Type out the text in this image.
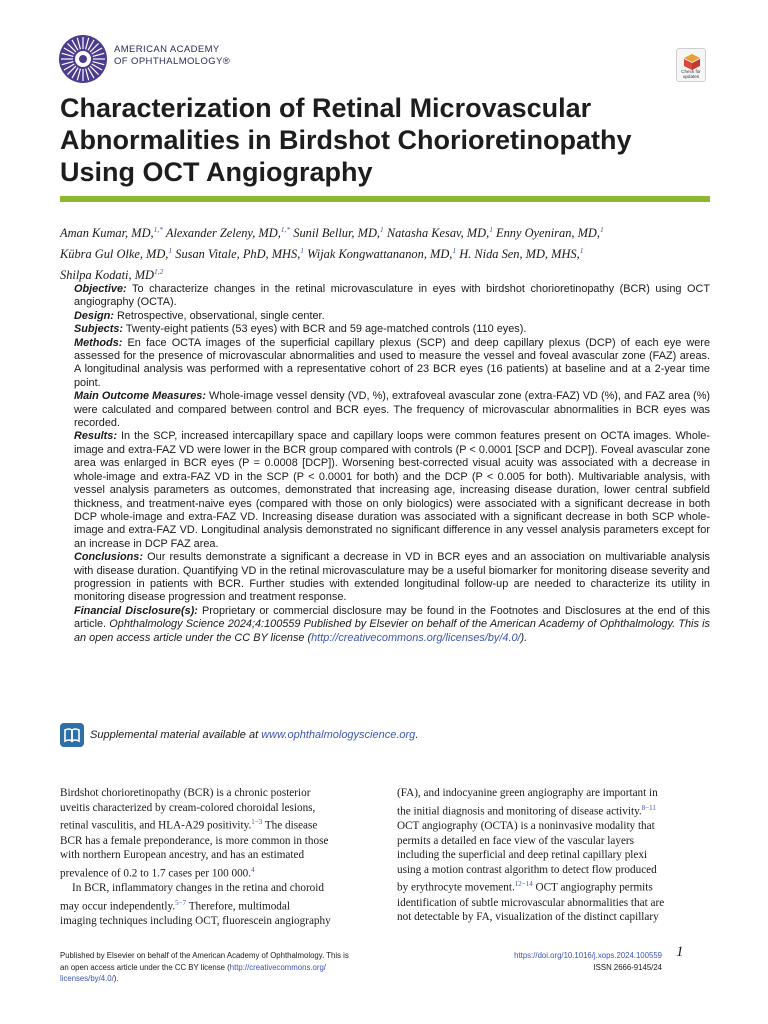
AMERICAN ACADEMY
OF OPHTHALMOLOGY®
Check for updates
Characterization of Retinal Microvascular
Abnormalities in Birdshot Chorioretinopathy
Using OCT Angiography
Aman Kumar, MD,$^{1,*}$ Alexander Zeleny, MD,$^{1,*}$ Sunil Bellur, MD,$^1$ Natasha Kesav, MD,$^1$ Enny Oyeniran, MD,$^1$
Kübra Gul Olke, MD,$^1$ Susan Vitale, PhD, MHS,$^1$ Wijak Kongwattananon, MD,$^1$ H. Nida Sen, MD, MHS,$^1$
Shilpa Kodati, MD$^{1,2}$

Objective: To characterize changes in the retinal microvasculature in eyes with birdshot chorioretinopathy (BCR) using OCT angiography (OCTA).

Design: Retrospective, observational, single center.

Subjects: Twenty-eight patients (53 eyes) with BCR and 59 age-matched controls (110 eyes).

Methods: En face OCTA images of the superficial capillary plexus (SCP) and deep capillary plexus (DCP) of each eye were assessed for the presence of microvascular abnormalities and used to measure the vessel and foveal avascular zone (FAZ) areas. A longitudinal analysis was performed with a representative cohort of 23 BCR eyes (16 patients) at baseline and at a 2-year time point.

Main Outcome Measures: Whole-image vessel density (VD, %), extrafoveal avascular zone (extra-FAZ) VD (%), and FAZ area (%) were calculated and compared between control and BCR eyes. The frequency of microvascular abnormalities in BCR eyes was recorded.

Results: In the SCP, increased intercapillary space and capillary loops were common features present on OCTA images. Whole-image and extra-FAZ VD were lower in the BCR group compared with controls (P < 0.0001 [SCP and DCP]). Foveal avascular zone area was enlarged in BCR eyes (P = 0.0008 [DCP]). Worsening best-corrected visual acuity was associated with a decrease in whole-image and extra-FAZ VD in the SCP (P < 0.0001 for both) and the DCP (P < 0.005 for both). Multivariable analysis, with vessel analysis parameters as outcomes, demonstrated that increasing age, increasing disease duration, lower central subfield thickness, and treatment-naive eyes (compared with those on only biologics) were associated with a significant decrease in both DCP whole-image and extra-FAZ VD. Increasing disease duration was associated with a significant decrease in both SCP whole-image and extra-FAZ VD. Longitudinal analysis demonstrated no significant difference in any vessel analysis parameters except for an increase in DCP FAZ area.

Conclusions: Our results demonstrate a significant a decrease in VD in BCR eyes and an association on multivariable analysis with disease duration. Quantifying VD in the retinal microvasculature may be a useful biomarker for monitoring disease severity and progression in patients with BCR. Further studies with extended longitudinal follow-up are needed to characterize its utility in monitoring disease progression and treatment response.

Financial Disclosure(s): Proprietary or commercial disclosure may be found in the Footnotes and Disclosures at the end of this article. Ophthalmology Science 2024;4:100559 Published by Elsevier on behalf of the American Academy of Ophthalmology. This is an open access article under the CC BY license (http://creativecommons.org/licenses/by/4.0/).

Supplemental material available at www.ophthalmologyscience.org.
Birdshot chorioretinopathy (BCR) is a chronic posterior
uveitis characterized by cream-colored choroidal lesions,
retinal vasculitis, and HLA-A29 positivity.$^{1-3}$ The disease
BCR has a female preponderance, is more common in those
with northern European ancestry, and has an estimated
prevalence of 0.2 to 1.7 cases per 100 000.$^4$
In BCR, inflammatory changes in the retina and choroid
may occur independently.$^{5-7}$ Therefore, multimodal
imaging techniques including OCT, fluorescein angiography
(FA), and indocyanine green angiography are important in
the initial diagnosis and monitoring of disease activity.$^{8-11}$
OCT angiography (OCTA) is a noninvasive modality that
permits a detailed en face view of the vascular layers
including the superficial and deep retinal capillary plexi
using a motion contrast algorithm to detect flow produced
by erythrocyte movement.$^{12-14}$ OCT angiography permits
identification of subtle microvascular abnormalities that are
not detectable by FA, visualization of the distinct capillary
Published by Elsevier on behalf of the American Academy of Ophthalmology. This is
an open access article under the CC BY license (http://creativecommons.org/
licenses/by/4.0/).
https://doi.org/10.1016/j.xops.2024.100559
ISSN 2666-9145/24
1
